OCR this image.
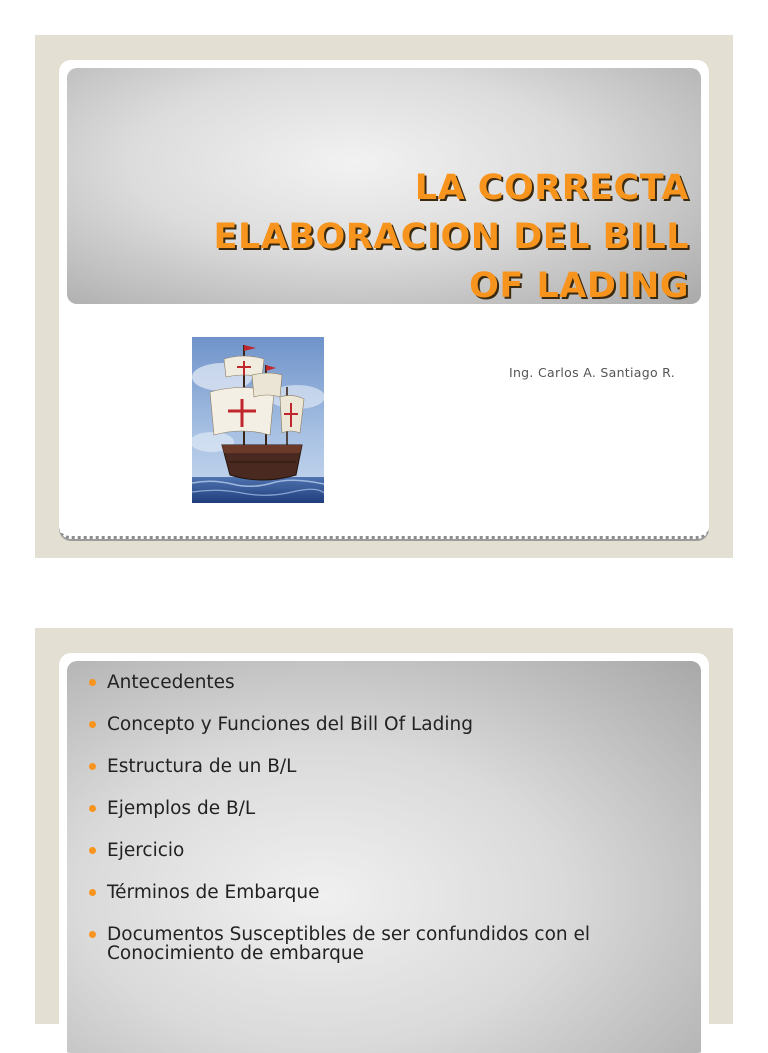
LA CORRECTA
ELABORACION DEL BILL
OF LADING
Ing. Carlos A. Santiago R.
Antecedentes
Concepto y Funciones del Bill Of Lading
Estructura de un B/L
Ejemplos de B/L
Ejercicio
Términos de Embarque
Documentos Susceptibles de ser confundidos con el Conocimiento de embarque
